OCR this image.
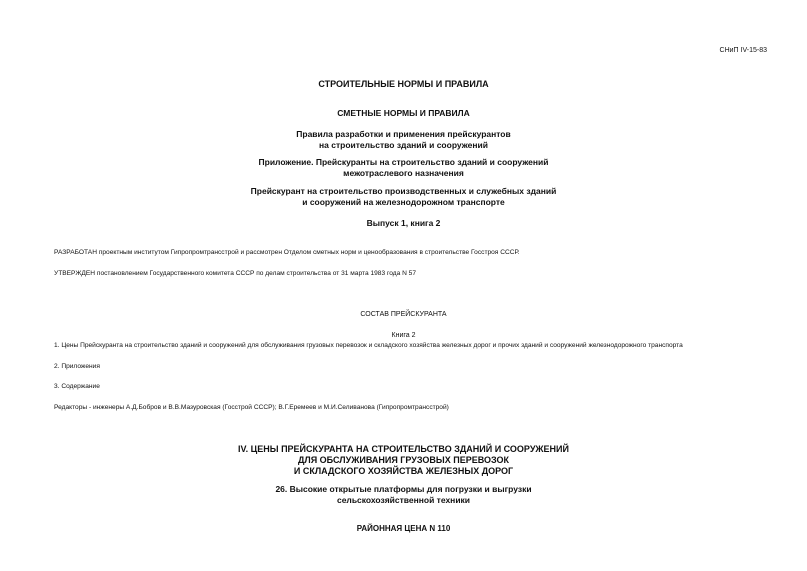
СНиП IV-15-83
СТРОИТЕЛЬНЫЕ НОРМЫ И ПРАВИЛА
СМЕТНЫЕ НОРМЫ И ПРАВИЛА
Правила разработки и применения прейскурантов
на строительство зданий и сооружений
Приложение. Прейскуранты на строительство зданий и сооружений
межотраслевого назначения
Прейскурант на строительство производственных и служебных зданий
и сооружений на железнодорожном транспорте
Выпуск 1, книга 2
РАЗРАБОТАН проектным институтом Гипропромтрансстрой и рассмотрен Отделом сметных норм и ценообразования в строительстве Госстроя СССР.
УТВЕРЖДЕН постановлением Государственного комитета СССР по делам строительства от 31 марта 1983 года N 57
СОСТАВ ПРЕЙСКУРАНТА
Книга 2
1. Цены Прейскуранта на строительство зданий и сооружений для обслуживания грузовых перевозок и складского хозяйства железных дорог и прочих зданий и сооружений железнодорожного транспорта
2. Приложения
3. Содержание
Редакторы - инженеры А.Д.Бобров и В.В.Мазуровская (Госстрой СССР); В.Г.Еремеев и М.И.Селиванова (Гипропромтрансстрой)
IV. ЦЕНЫ ПРЕЙСКУРАНТА НА СТРОИТЕЛЬСТВО ЗДАНИЙ И СООРУЖЕНИЙ
ДЛЯ ОБСЛУЖИВАНИЯ ГРУЗОВЫХ ПЕРЕВОЗОК
И СКЛАДСКОГО ХОЗЯЙСТВА ЖЕЛЕЗНЫХ ДОРОГ
26. Высокие открытые платформы для погрузки и выгрузки
сельскохозяйственной техники
РАЙОННАЯ ЦЕНА N 110
